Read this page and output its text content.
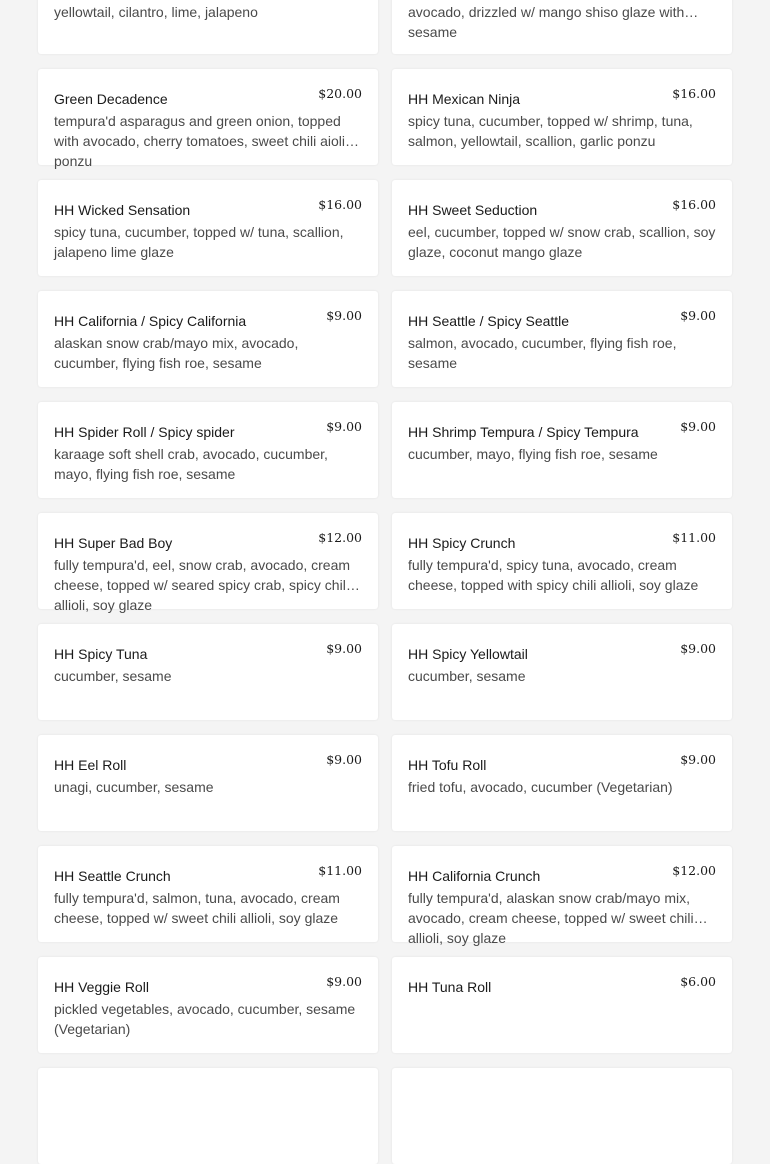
yellowtail, cilantro, lime, jalapeno	avocado, drizzled w/ mango shiso glaze with sesame
Green Decadence	$20.00
tempura'd asparagus and green onion, topped with avocado, cherry tomatoes, sweet chili aioli, ponzu
HH Mexican Ninja	$16.00
spicy tuna, cucumber, topped w/ shrimp, tuna, salmon, yellowtail, scallion, garlic ponzu
HH Wicked Sensation	$16.00
spicy tuna, cucumber, topped w/ tuna, scallion, jalapeno lime glaze
HH Sweet Seduction	$16.00
eel, cucumber, topped w/ snow crab, scallion, soy glaze, coconut mango glaze
HH California / Spicy California	$9.00
alaskan snow crab/mayo mix, avocado, cucumber, flying fish roe, sesame
HH Seattle / Spicy Seattle	$9.00
salmon, avocado, cucumber, flying fish roe, sesame
HH Spider Roll / Spicy spider	$9.00
karaage soft shell crab, avocado, cucumber, mayo, flying fish roe, sesame
HH Shrimp Tempura / Spicy Tempura	$9.00
cucumber, mayo, flying fish roe, sesame
HH Super Bad Boy	$12.00
fully tempura'd, eel, snow crab, avocado, cream cheese, topped w/ seared spicy crab, spicy chili allioli, soy glaze
HH Spicy Crunch	$11.00
fully tempura'd, spicy tuna, avocado, cream cheese, topped with spicy chili allioli, soy glaze
HH Spicy Tuna	$9.00
cucumber, sesame
HH Spicy Yellowtail	$9.00
cucumber, sesame
HH Eel Roll	$9.00
unagi, cucumber, sesame
HH Tofu Roll	$9.00
fried tofu, avocado, cucumber (Vegetarian)
HH Seattle Crunch	$11.00
fully tempura'd, salmon, tuna, avocado, cream cheese, topped w/ sweet chili allioli, soy glaze
HH California Crunch	$12.00
fully tempura'd, alaskan snow crab/mayo mix, avocado, cream cheese, topped w/ sweet chili allioli, soy glaze
HH Veggie Roll	$9.00
pickled vegetables, avocado, cucumber, sesame (Vegetarian)
HH Tuna Roll	$6.00
